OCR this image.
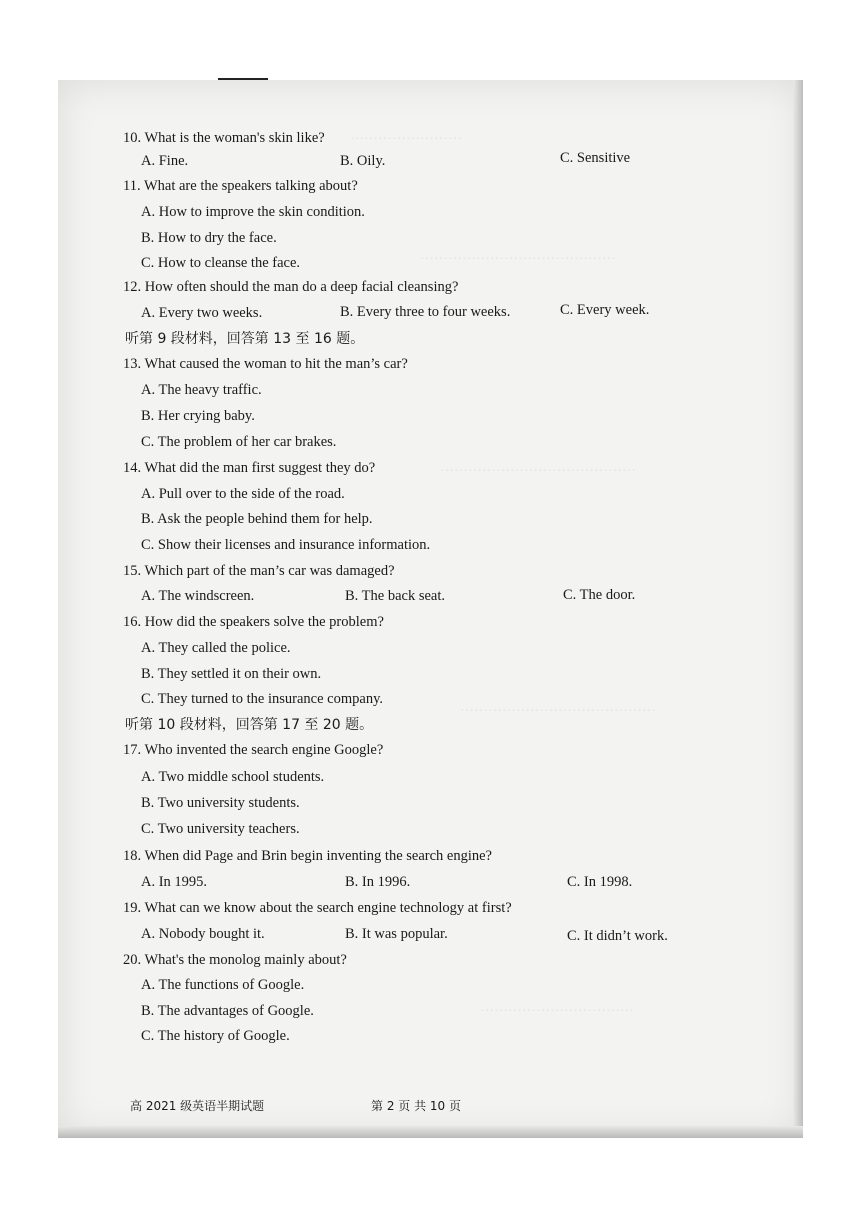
……………………
……………………………………
……………………………………
……………………………………
……………………………
10. What is the woman's skin like?
A. Fine.	B. Oily.	C. Sensitive
11. What are the speakers talking about?
A. How to improve the skin condition.
B. How to dry the face.
C. How to cleanse the face.
12. How often should the man do a deep facial cleansing?
A. Every two weeks.	B. Every three to four weeks.	C. Every week.
听第 9 段材料，回答第 13 至 16 题。
13. What caused the woman to hit the man’s car?
A. The heavy traffic.
B. Her crying baby.
C. The problem of her car brakes.
14. What did the man first suggest they do?
A. Pull over to the side of the road.
B. Ask the people behind them for help.
C. Show their licenses and insurance information.
15. Which part of the man’s car was damaged?
A. The windscreen.	B. The back seat.	C. The door.
16. How did the speakers solve the problem?
A. They called the police.
B. They settled it on their own.
C. They turned to the insurance company.
听第 10 段材料，回答第 17 至 20 题。
17. Who invented the search engine Google?
A. Two middle school students.
B. Two university students.
C. Two university teachers.
18. When did Page and Brin begin inventing the search engine?
A. In 1995.	B. In 1996.	C. In 1998.
19. What can we know about the search engine technology at first?
A. Nobody bought it.	B. It was popular.	C. It didn’t work.
20. What's the monolog mainly about?
A. The functions of Google.
B. The advantages of Google.
C. The history of Google.
高 2021 级英语半期试题	第 2 页 共 10 页
